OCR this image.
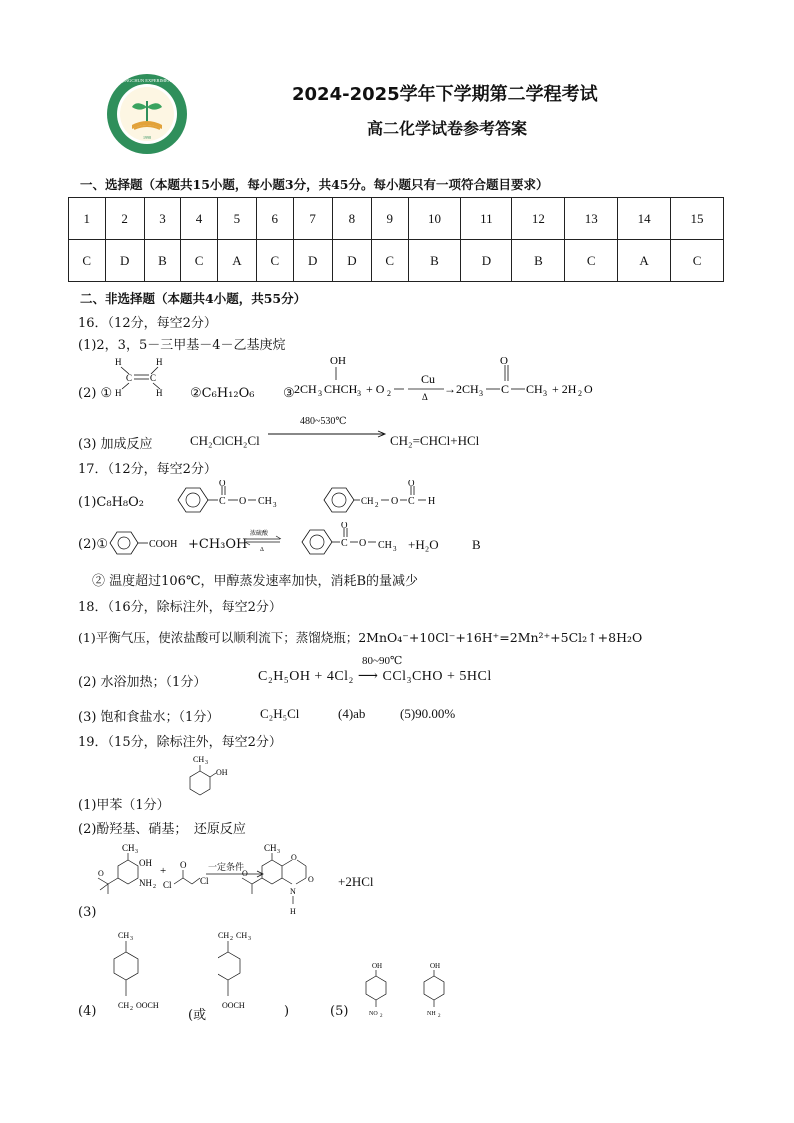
1998
QINGCHUN EXPERIMENT
2024-2025学年下学期第二学程考试
高二化学试卷参考答案
一、选择题（本题共15小题，每小题3分，共45分。每小题只有一项符合题目要求）
1	2	3	4	5	6	7	8	9	10	11	12	13	14	15
C	D	B	C	A	C	D	D	C	B	D	B	C	A	C
二、非选择题（本题共4小题，共55分）
16．（12分，每空2分）
(1)2，3，5－三甲基－4－乙基庚烷
(2) ①
H	H
C C
H	H ②C₆H₁₂O₆ ③
OH
2CH 3 CHCH 3 + O 2
Cu
Δ
→2 CH 3 C
O
CH 3 + 2H 2 O
(3) 加成反应	CH₂ClCH₂Cl
480~530℃
CH₂=CHCl+HCl
17．（12分，每空2分）
(1)C₈H₈O₂	C
O
O CH 3	CH 2 O C
O
H
(2)①	COOH +CH₃OH
浓硫酸
Δ
C
O
O CH 3 +H₂O	B
② 温度超过106℃，甲醇蒸发速率加快，消耗B的量减少
18．（16分，除标注外，每空2分）
(1)平衡气压，使浓盐酸可以顺利流下；蒸馏烧瓶；2MnO₄⁻+10Cl⁻+16H⁺=2Mn²⁺+5Cl₂↑+8H₂O
(2) 水浴加热；（1分）
80~90℃
C₂H₅OH + 4Cl₂ ⟶ CCl₃CHO + 5HCl
(3) 饱和食盐水；（1分）	C₂H₅Cl	(4)ab	(5)90.00%
19．（15分，除标注外，每空2分）
CH 3
OH
(1)甲苯（1分）
(2)酚羟基、硝基；　还原反应
CH 3
OH
NH 2
O	+ O
Cl	Cl
CH 3
O
O
N
H
O
一定条件
+2HCl
(3)
CH 3
CH 2 OOCH
CH 2 CH 3
OOCH
(4)	(或	)	(5)
OH
NO 2
OH
NH 2
